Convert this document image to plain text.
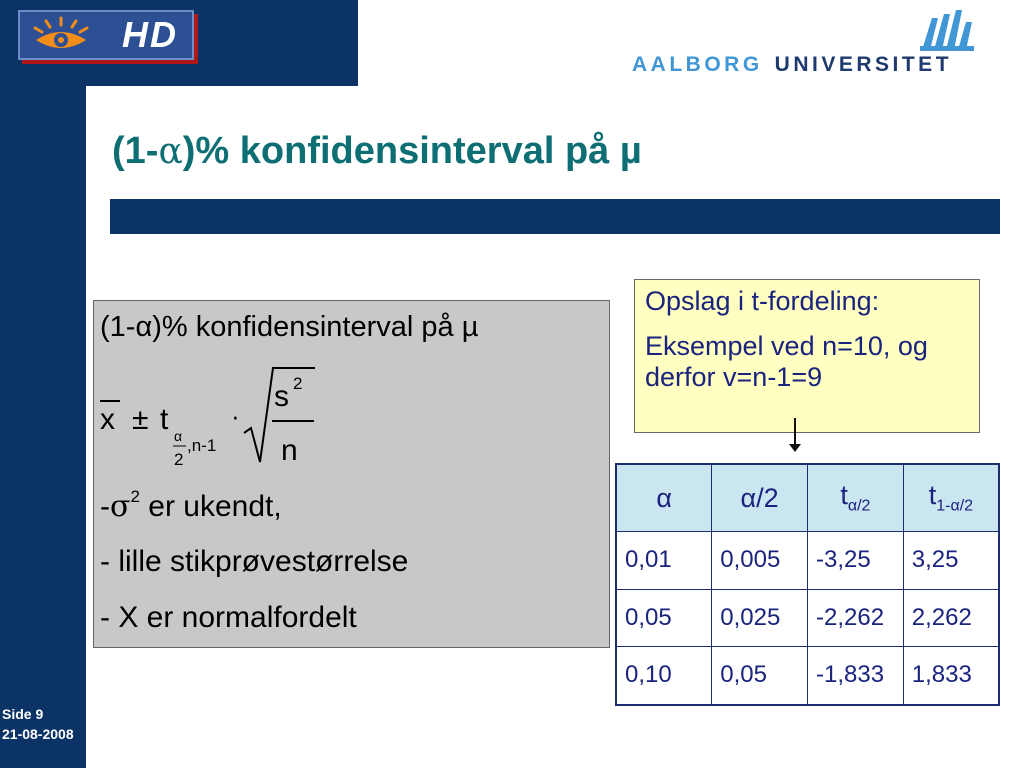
HD
AALBORG UNIVERSITET
(1-α)% konfidensinterval på µ
(1-α)% konfidensinterval på µ
x ± t α
2
,n-1
·
s 2
n
$-\sigma^2$ er ukendt,
- lille stikprøvestørrelse
- X er normalfordelt

Opslag i t-fordeling:

Eksempel ved n=10, og derfor v=n-1=9

α	α/2	$t_{\alpha/2}$	$t_{1-\alpha/2}$
0,01	0,005	-3,25	3,25
0,05	0,025	-2,262	2,262
0,10	0,05	-1,833	1,833
Side 9
21-08-2008
